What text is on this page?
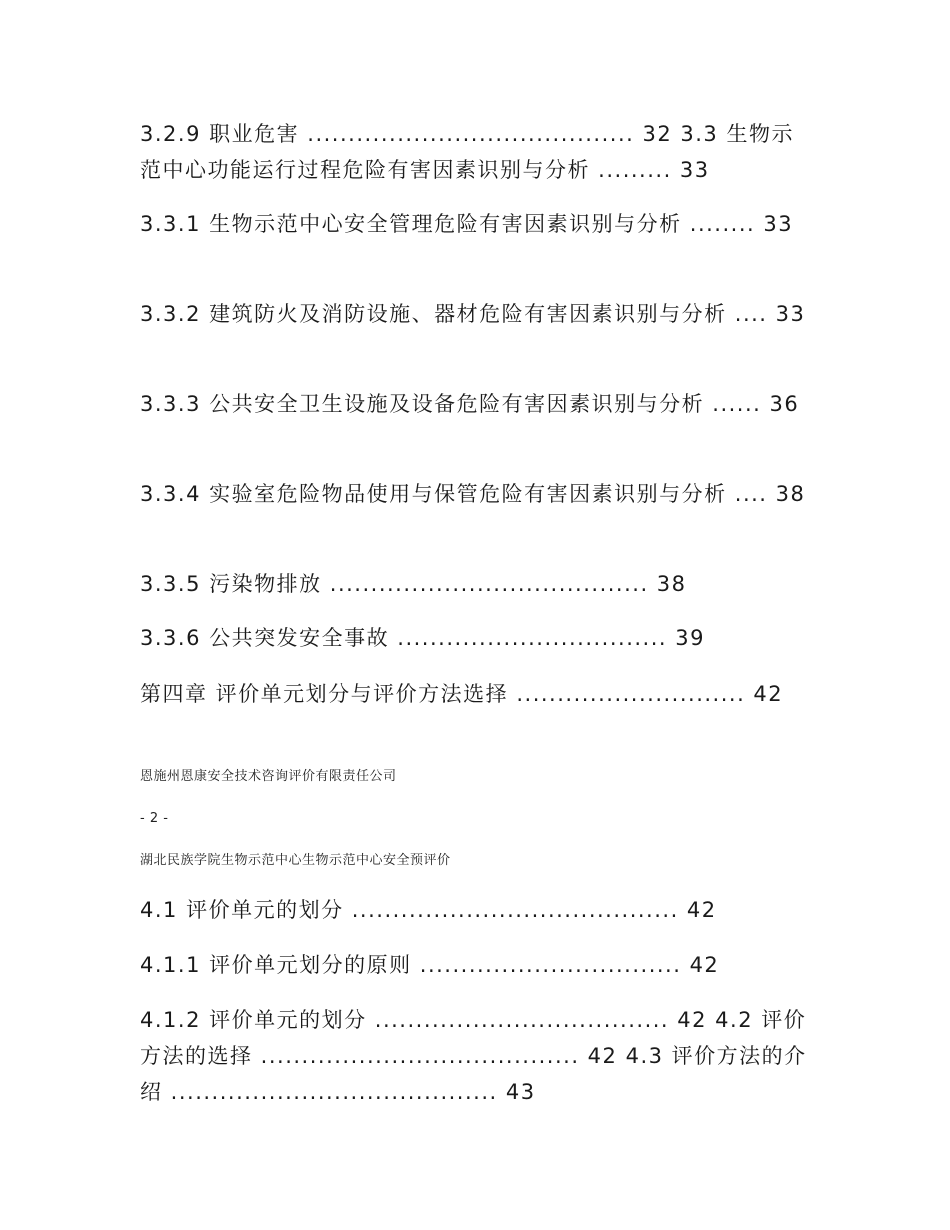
3.2.9 职业危害 ........................................ 32 3.3 生物示范中心功能运行过程危险有害因素识别与分析 ......... 33
3.3.1 生物示范中心安全管理危险有害因素识别与分析 ........ 33
3.3.2 建筑防火及消防设施、器材危险有害因素识别与分析 .... 33
3.3.3 公共安全卫生设施及设备危险有害因素识别与分析 ...... 36
3.3.4 实验室危险物品使用与保管危险有害因素识别与分析 .... 38
3.3.5 污染物排放 ....................................... 38
3.3.6 公共突发安全事故 ................................. 39
第四章 评价单元划分与评价方法选择 ............................ 42
恩施州恩康安全技术咨询评价有限责任公司
- 2 -
湖北民族学院生物示范中心生物示范中心安全预评价
4.1 评价单元的划分 ........................................ 42
4.1.1 评价单元划分的原则 ................................ 42
4.1.2 评价单元的划分 .................................... 42 4.2 评价方法的选择 ....................................... 42 4.3 评价方法的介绍 ........................................ 43
